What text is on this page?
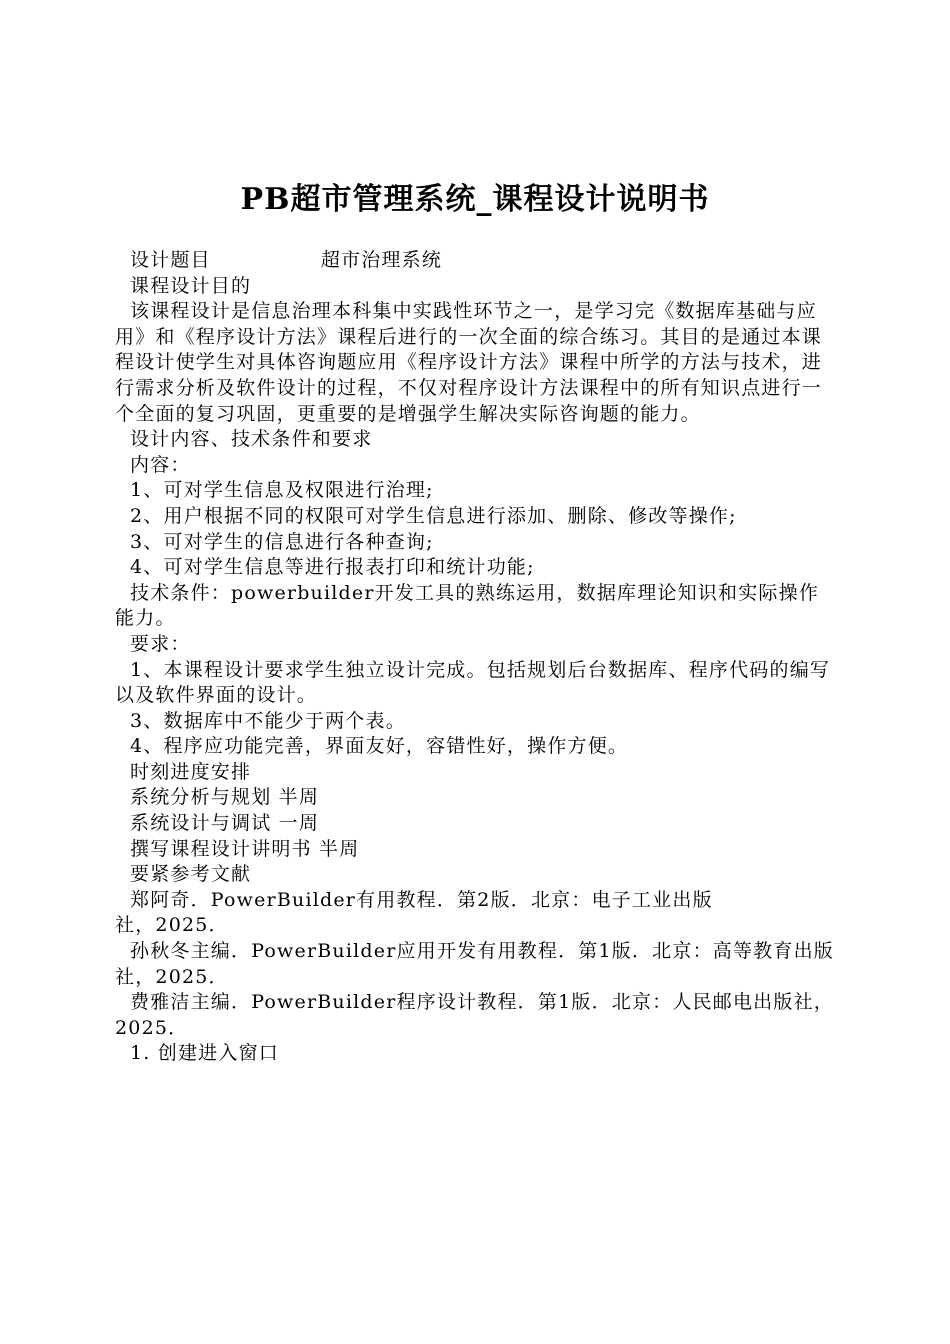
PB超市管理系统_课程设计说明书

设计题目	超市治理系统

课程设计目的

该课程设计是信息治理本科集中实践性环节之一，是学习完《数据库基础与应用》和《程序设计方法》课程后进行的一次全面的综合练习。其目的是通过本课程设计使学生对具体咨询题应用《程序设计方法》课程中所学的方法与技术，进行需求分析及软件设计的过程，不仅对程序设计方法课程中的所有知识点进行一个全面的复习巩固，更重要的是增强学生解决实际咨询题的能力。

设计内容、技术条件和要求

内容：

1、可对学生信息及权限进行治理;

2、用户根据不同的权限可对学生信息进行添加、删除、修改等操作;

3、可对学生的信息进行各种查询;

4、可对学生信息等进行报表打印和统计功能;

技术条件：powerbuilder开发工具的熟练运用，数据库理论知识和实际操作能力。

要求：

1、本课程设计要求学生独立设计完成。包括规划后台数据库、程序代码的编写以及软件界面的设计。

3、数据库中不能少于两个表。

4、程序应功能完善，界面友好，容错性好，操作方便。

时刻进度安排

系统分析与规划 半周

系统设计与调试 一周

撰写课程设计讲明书 半周

要紧参考文献

郑阿奇．PowerBuilder有用教程．第2版．北京：电子工业出版社，2025．

孙秋冬主编．PowerBuilder应用开发有用教程．第1版．北京：高等教育出版社，2025．

费雅洁主编．PowerBuilder程序设计教程．第1版．北京：人民邮电出版社，2025．

1. 创建进入窗口
